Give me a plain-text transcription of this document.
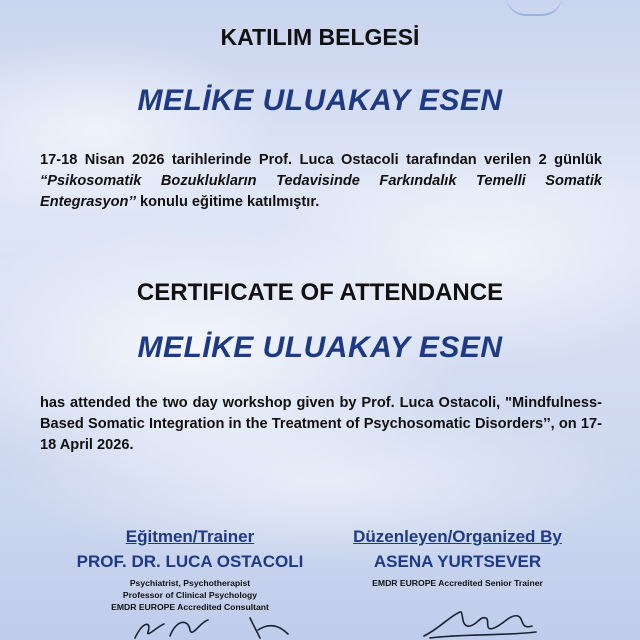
KATILIM BELGESİ
MELİKE ULUAKAY ESEN
17-18 Nisan 2026 tarihlerinde Prof. Luca Ostacoli tarafından verilen 2 günlük “Psikosomatik Bozuklukların Tedavisinde Farkındalık Temelli Somatik Entegrasyon’’ konulu eğitime katılmıştır.
CERTIFICATE OF ATTENDANCE
MELİKE ULUAKAY ESEN
has attended the two day workshop given by Prof. Luca Ostacoli, "Mindfulness-Based Somatic Integration in the Treatment of Psychosomatic Disorders’’, on 17-18 April 2026.
Eğitmen/Trainer
PROF. DR. LUCA OSTACOLI
Psychiatrist, Psychotherapist
Professor of Clinical Psychology
EMDR EUROPE Accredited Consultant
Düzenleyen/Organized By
ASENA YURTSEVER
EMDR EUROPE Accredited Senior Trainer
